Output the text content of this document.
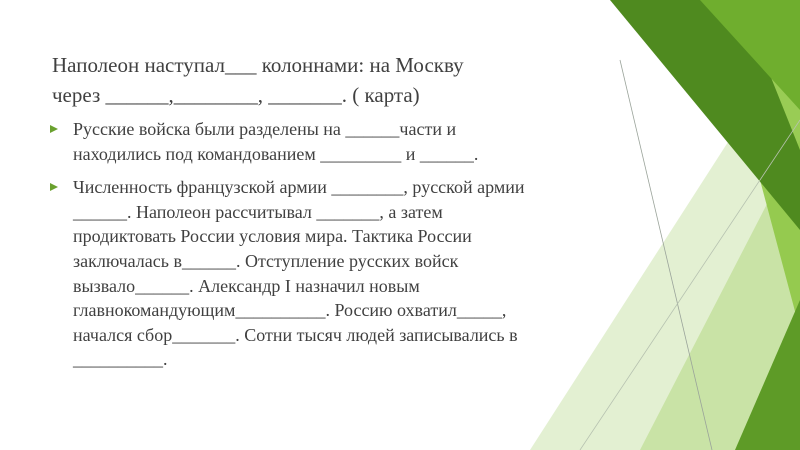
Наполеон наступал___ колоннами: на Москву
через ______,________, _______. ( карта)
Русские войска были разделены на ______части и
находились под командованием _________ и ______.
Численность французской армии ________, русской армии
______. Наполеон рассчитывал _______, а затем
продиктовать России условия мира. Тактика России
заключалась в______. Отступление русских войск
вызвало______. Александр I назначил новым
главнокомандующим__________. Россию охватил_____,
начался сбор_______. Сотни тысяч людей записывались в
__________.
